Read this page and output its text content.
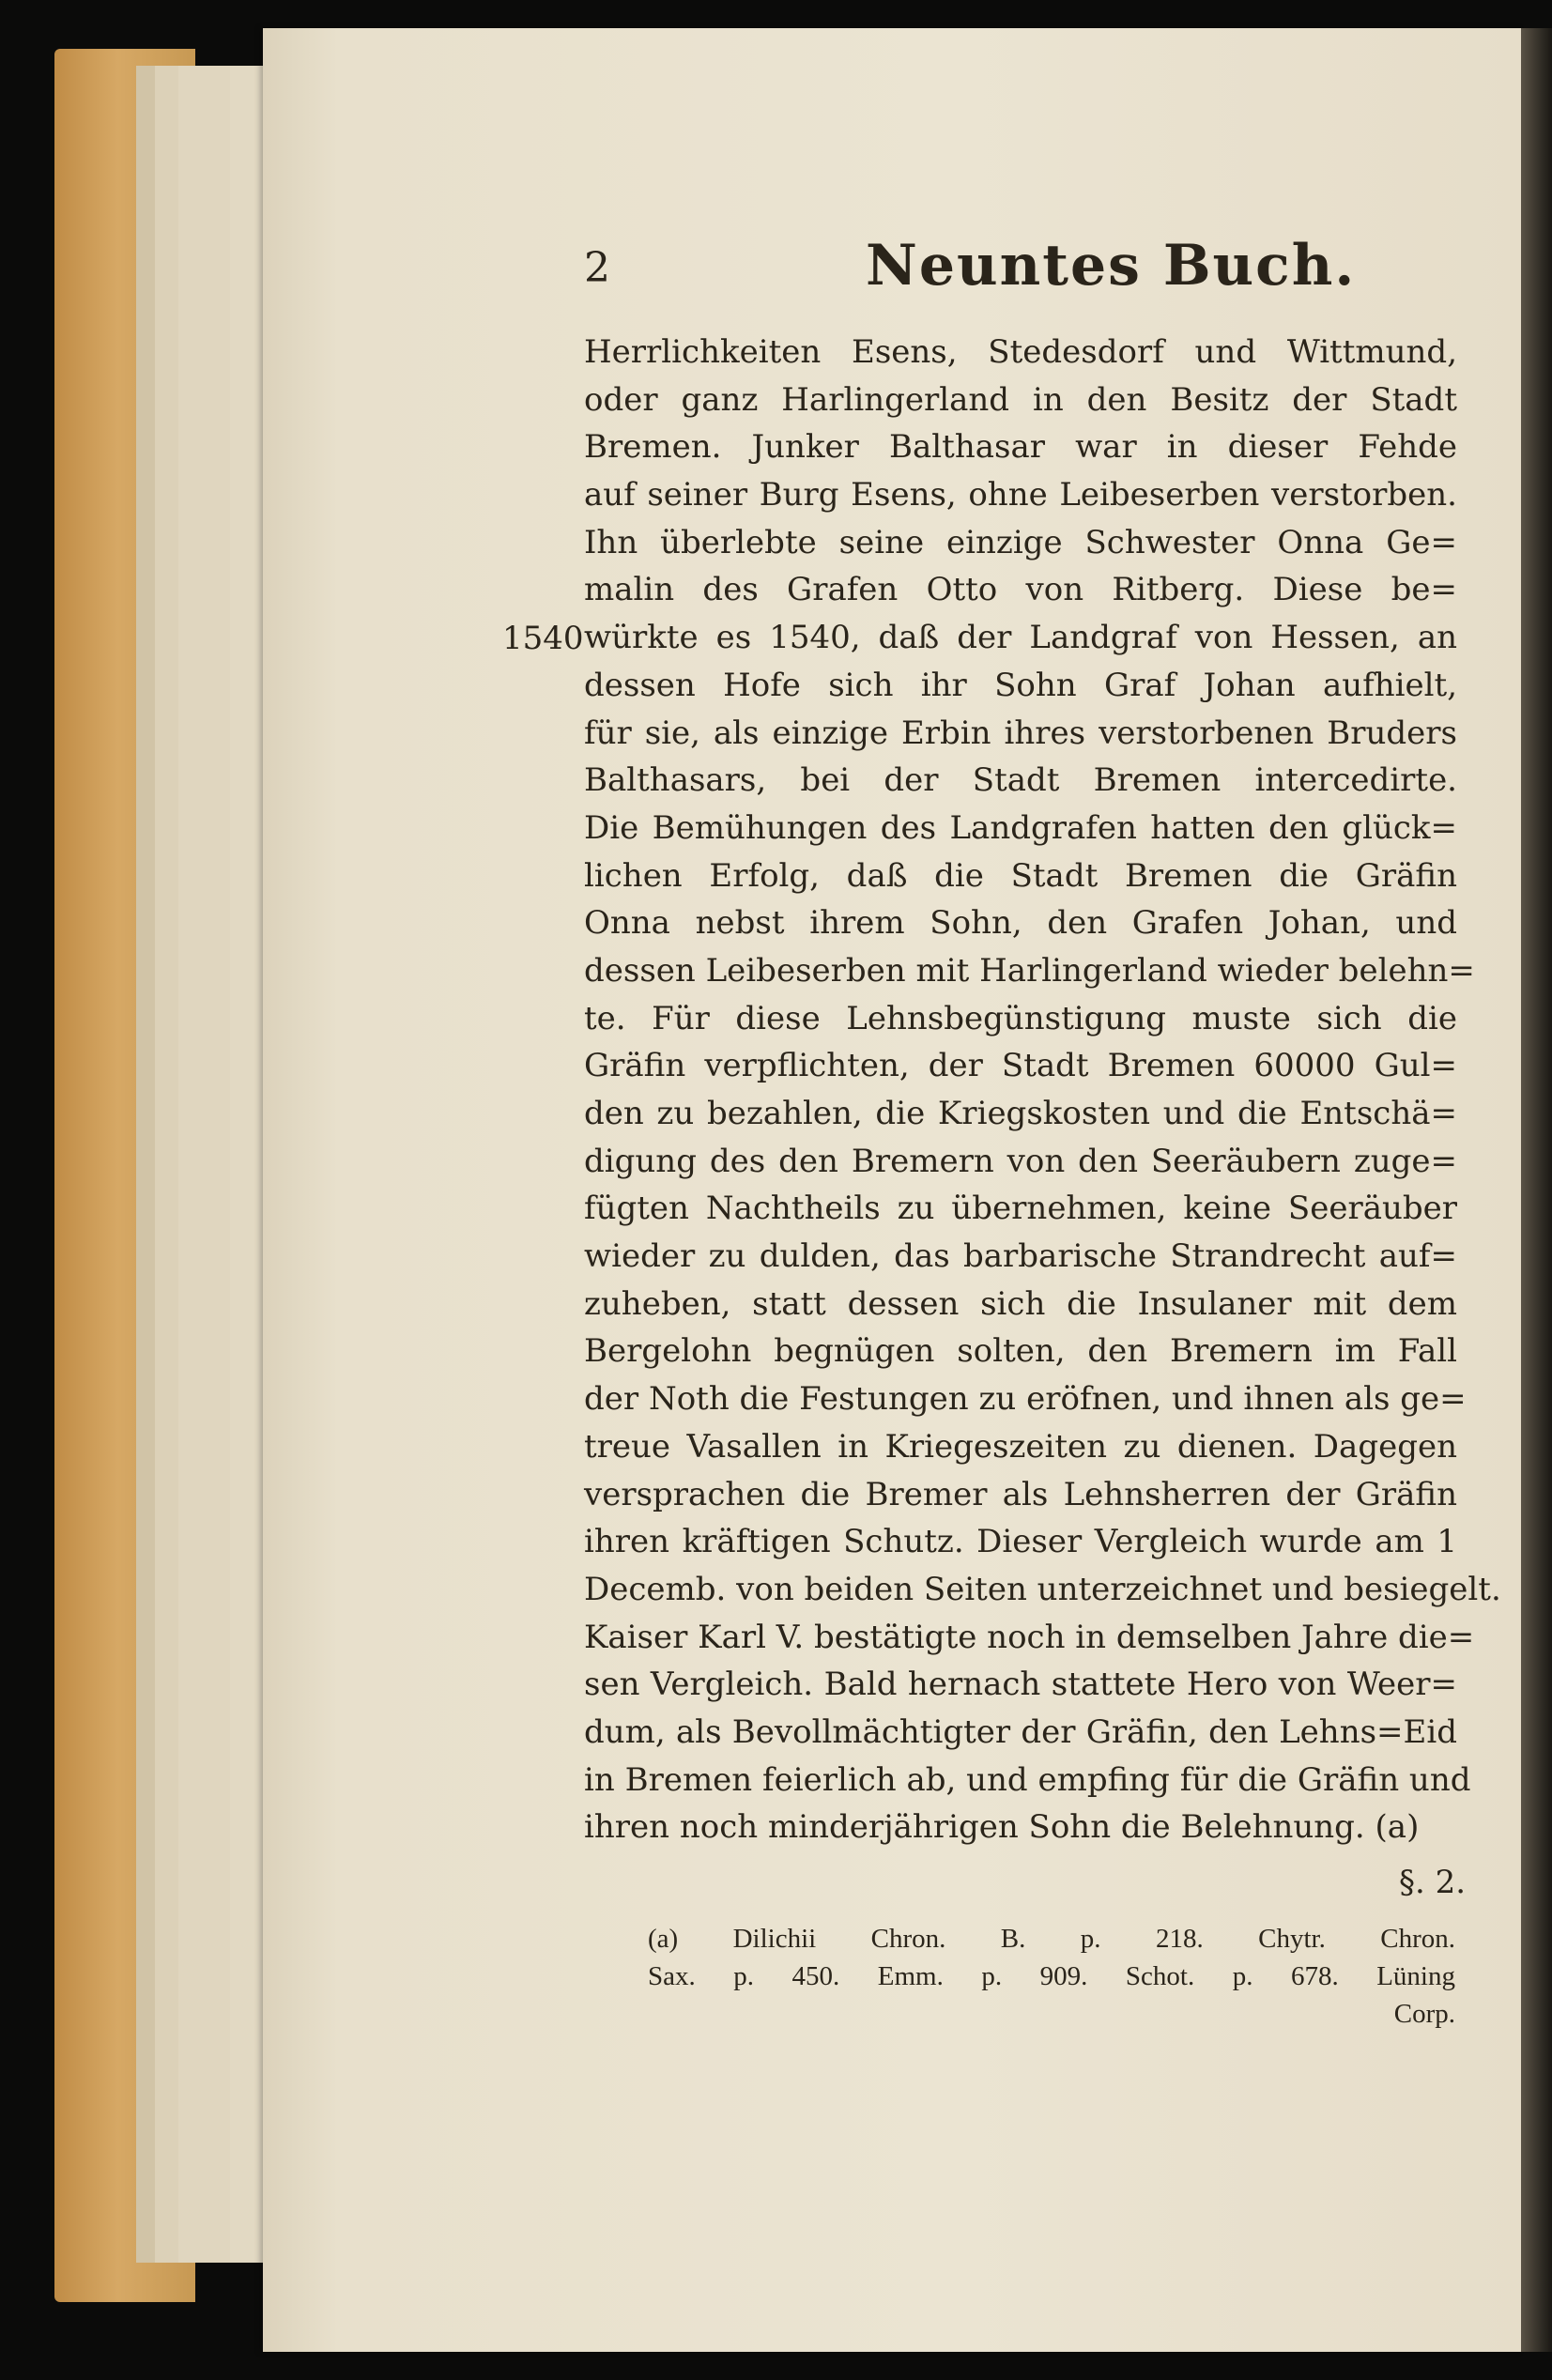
2	Neuntes Buch.
1540
Herrlichkeiten Esens, Stedesdorf und Wittmund,
oder ganz Harlingerland in den Besitz der Stadt
Bremen. Junker Balthasar war in dieser Fehde
auf seiner Burg Esens, ohne Leibeserben verstorben.
Ihn überlebte seine einzige Schwester Onna Ge=
malin des Grafen Otto von Ritberg. Diese be=
würkte es 1540, daß der Landgraf von Hessen, an
dessen Hofe sich ihr Sohn Graf Johan aufhielt,
für sie, als einzige Erbin ihres verstorbenen Bruders
Balthasars, bei der Stadt Bremen intercedirte.
Die Bemühungen des Landgrafen hatten den glück=
lichen Erfolg, daß die Stadt Bremen die Gräfin
Onna nebst ihrem Sohn, den Grafen Johan, und
dessen Leibeserben mit Harlingerland wieder belehn=
te. Für diese Lehnsbegünstigung muste sich die
Gräfin verpflichten, der Stadt Bremen 60000 Gul=
den zu bezahlen, die Kriegskosten und die Entschä=
digung des den Bremern von den Seeräubern zuge=
fügten Nachtheils zu übernehmen, keine Seeräuber
wieder zu dulden, das barbarische Strandrecht auf=
zuheben, statt dessen sich die Insulaner mit dem
Bergelohn begnügen solten, den Bremern im Fall
der Noth die Festungen zu eröfnen, und ihnen als ge=
treue Vasallen in Kriegeszeiten zu dienen. Dagegen
versprachen die Bremer als Lehnsherren der Gräfin
ihren kräftigen Schutz. Dieser Vergleich wurde am 1
Decemb. von beiden Seiten unterzeichnet und besiegelt.
Kaiser Karl V. bestätigte noch in demselben Jahre die=
sen Vergleich. Bald hernach stattete Hero von Weer=
dum, als Bevollmächtigter der Gräfin, den Lehns=Eid
in Bremen feierlich ab, und empfing für die Gräfin und
ihren noch minderjährigen Sohn die Belehnung. (a)
§. 2.
(a) Dilichii Chron. B. p. 218. Chytr. Chron.
Sax. p. 450. Emm. p. 909. Schot. p. 678. Lüning
Corp.
